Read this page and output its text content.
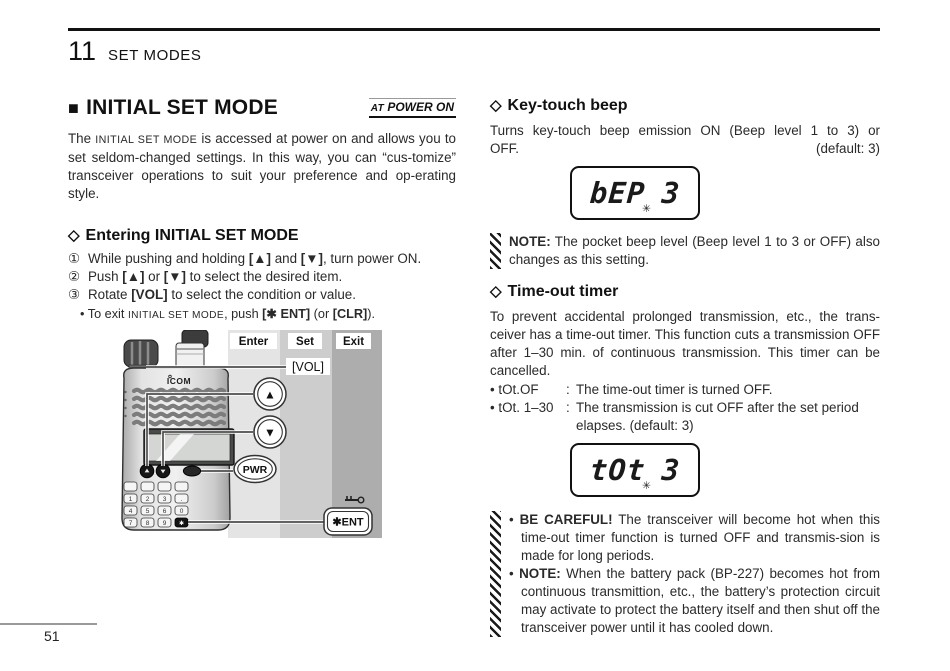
11 SET MODES
■ INITIAL SET MODE	AT POWER ON

The INITIAL SET MODE is accessed at power on and allows you to set seldom-changed settings. In this way, you can “cus-tomize” transceiver operations to suit your preference and op-erating style.

◇ Entering INITIAL SET MODE
① While pushing and holding [▲] and [▼], turn power ON.
② Push [▲] or [▼] to select the desired item.
③ Rotate [VOL] to select the condition or value.
• To exit INITIAL SET MODE, push [✱ ENT] (or [CLR]).
ICOM
1 2 3 .
4 5 6 0
7 8 9 ✱
Enter Set	Exit
[VOL]
▲
▼
PWR
✱ENT
◇ Key-touch beep
Turns key-touch beep emission ON (Beep level 1 to 3) or
OFF.	(default: 3)
bEP✳ 3
NOTE: The pocket beep level (Beep level 1 to 3 or OFF) also changes as this setting.
◇ Time-out timer

To prevent accidental prolonged transmission, etc., the trans-ceiver has a time-out timer. This function cuts a transmission OFF after 1–30 min. of continuous transmission. This timer can be cancelled.

• tOt.OF	: The time-out timer is turned OFF.
• tOt. 1–30 : The transmission is cut OFF after the set period elapses. (default: 3)
tOt✳ 3

• BE CAREFUL! The transceiver will become hot when this time-out timer function is turned OFF and transmis-sion is made for long periods.

• NOTE: When the battery pack (BP-227) becomes hot from continuous transmittion, etc., the battery’s protection circuit may activate to protect the battery itself and then shut off the transceiver power until it has cooled down.

51
